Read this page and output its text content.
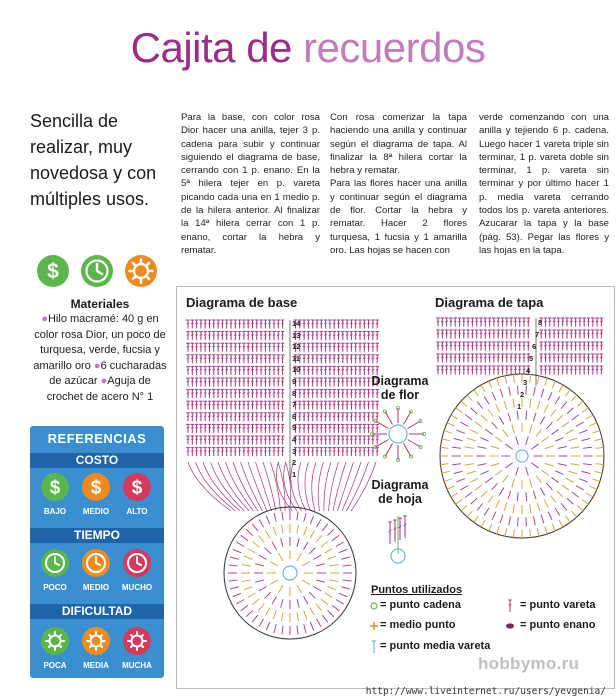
Cajita de recuerdos
Sencilla de realizar, muy novedosa y con múltiples usos.
$
Materiales
●Hilo macramé: 40 g en color rosa Dior, un poco de turquesa, verde, fucsia y amarillo oro ●6 cucharadas de azúcar ●Aguja de crochet de acero N° 1
REFERENCIAS
COSTO
$ $ $
BAJO	MEDIO	ALTO
TIEMPO
POCO	MEDIO	MUCHO
DIFICULTAD
POCA	MEDIA	MUCHA

Para la base, con color rosa Dior hacer una anilla, tejer 3 p. cadena para subir y continuar siguiendo el diagrama de base, cerrando con 1 p. enano. En la 5ª hilera tejer en p. vareta picando cada una en 1 medio p. de la hilera anterior. Al finalizar la 14ª hilera cerrar con 1 p. enano, cortar la hebra y rematar.

Con rosa comenzar la tapa haciendo una anilla y continuar según el diagrama de tapa. Al finalizar la 8ª hilera cortar la hebra y rematar.

Para las flores hacer una anilla y continuar según el diagrama de flor. Cortar la hebra y rematar. Hacer 2 flores turquesa, 1 fucsia y 1 amarilla oro. Las hojas se hacen con

verde comenzando con una anilla y tejiendo 6 p. cadena. Luego hacer 1 vareta triple sin terminar, 1 p. vareta doble sin terminar, 1 p. vareta sin terminar y por último hacer 1 p. media vareta cerrando todos los p. vareta anteriores. Azucarar la tapa y la base (pág. 53). Pegar las flores y las hojas en la tapa.

Diagrama de base	Diagrama de tapa
Diagrama de flor
Diagrama de hoja
14
13
12
11
10
9
8
7
6
5
4
3
2
1
8
7
6
5
4
3
2
1
Puntos utilizados
= punto cadena	= punto vareta
= medio punto	= punto enano
= punto media vareta
hobbymo.ru
http://www.liveinternet.ru/users/yevgenia/
